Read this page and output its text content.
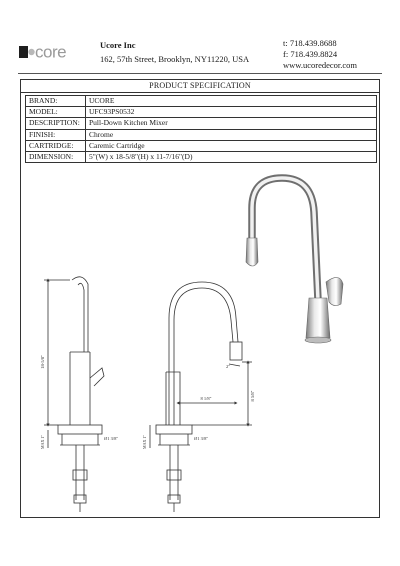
core	Ucore Inc
162, 57th Street, Brooklyn, NY11220, USA
t: 718.439.8688
f: 718.439.8824
www.ucoredecor.com
PRODUCT SPECIFICATION
BRAND:	UCORE
MODEL:	UFC93PS0532
DESCRIPTION:	Pull-Down Kitchen Mixer
FINISH:	Chrome
CARTRIDGE:	Caremic Cartridge
DIMENSION:	5"(W) x 18-5/8"(H) x 11-7/16"(D)
18-5/8"
MAX 1"	Ø1 3/8"
8 1/8"	8 5/8"
2"
MAX 1"	Ø1 3/8"
